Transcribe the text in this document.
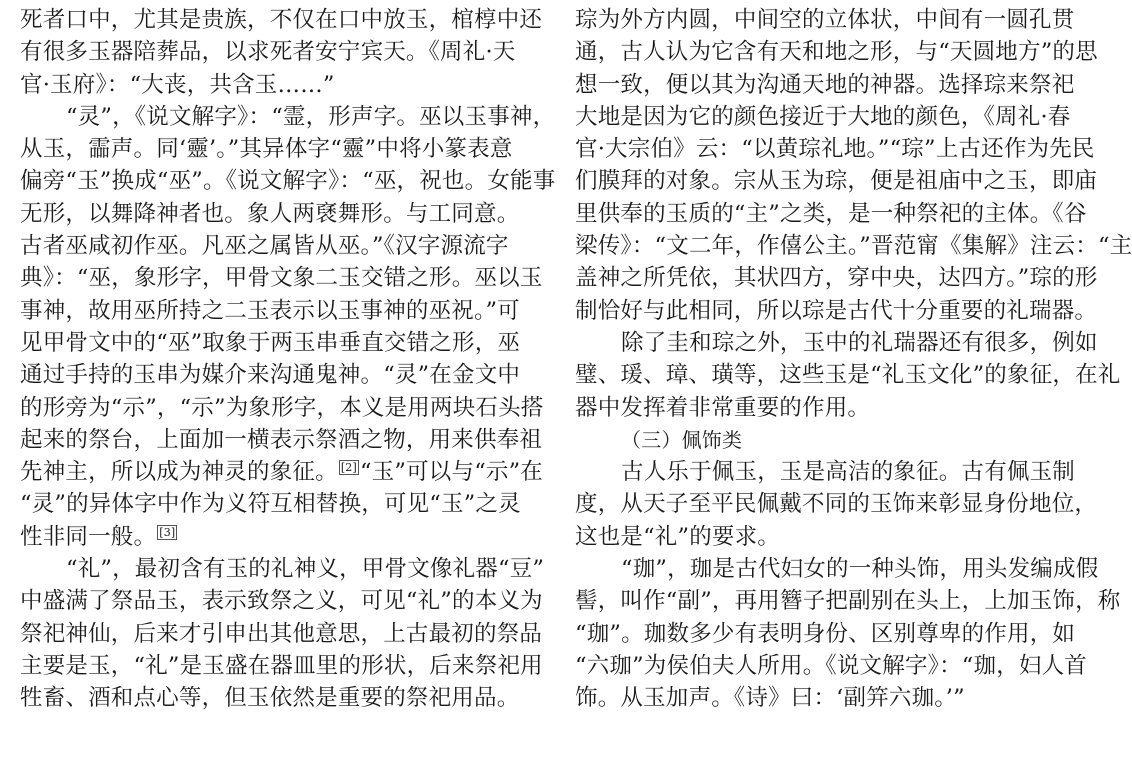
死者口中，尤其是贵族，不仅在口中放玉，棺椁中还
有很多玉器陪葬品，以求死者安宁宾天。《周礼·天
官·玉府》：“大丧，共含玉……”
“灵”，《说文解字》：“霊，形声字。巫以玉事神，
从玉，霝声。同‘靈’。”其异体字“靈”中将小篆表意
偏旁“玉”换成“巫”。《说文解字》：“巫，祝也。女能事
无形，以舞降神者也。象人两褎舞形。与工同意。
古者巫咸初作巫。凡巫之属皆从巫。”《汉字源流字
典》：“巫，象形字，甲骨文象二玉交错之形。巫以玉
事神，故用巫所持之二玉表示以玉事神的巫祝。”可
见甲骨文中的“巫”取象于两玉串垂直交错之形，巫
通过手持的玉串为媒介来沟通鬼神。“灵”在金文中
的形旁为“示”，“示”为象形字，本义是用两块石头搭
起来的祭台，上面加一横表示祭酒之物，用来供奉祖
先神主，所以成为神灵的象征。 [2] “玉”可以与“示”在
“灵”的异体字中作为义符互相替换，可见“玉”之灵
性非同一般。 [3]
“礼”，最初含有玉的礼神义，甲骨文像礼器“豆”
中盛满了祭品玉，表示致祭之义，可见“礼”的本义为
祭祀神仙，后来才引申出其他意思，上古最初的祭品
主要是玉，“礼”是玉盛在器皿里的形状，后来祭祀用
牲畜、酒和点心等，但玉依然是重要的祭祀用品。
琮为外方内圆，中间空的立体状，中间有一圆孔贯
通，古人认为它含有天和地之形，与“天圆地方”的思
想一致，便以其为沟通天地的神器。选择琮来祭祀
大地是因为它的颜色接近于大地的颜色，《周礼·春
官·大宗伯》云：“以黄琮礼地。”“琮”上古还作为先民
们膜拜的对象。宗从玉为琮，便是祖庙中之玉，即庙
里供奉的玉质的“主”之类，是一种祭祀的主体。《谷
梁传》：“文二年，作僖公主。”晋范甯《集解》注云：“主
盖神之所凭依，其状四方，穿中央，达四方。”琮的形
制恰好与此相同，所以琮是古代十分重要的礼瑞器。
除了圭和琮之外，玉中的礼瑞器还有很多，例如
璧、瑗、璋、璜等，这些玉是“礼玉文化”的象征，在礼
器中发挥着非常重要的作用。
（三）佩饰类
古人乐于佩玉，玉是高洁的象征。古有佩玉制
度，从天子至平民佩戴不同的玉饰来彰显身份地位，
这也是“礼”的要求。
“珈”，珈是古代妇女的一种头饰，用头发编成假
髻，叫作“副”，再用簪子把副别在头上，上加玉饰，称
“珈”。珈数多少有表明身份、区别尊卑的作用，如
“六珈”为侯伯夫人所用。《说文解字》：“珈，妇人首
饰。从玉加声。《诗》曰：‘副笄六珈。’”
